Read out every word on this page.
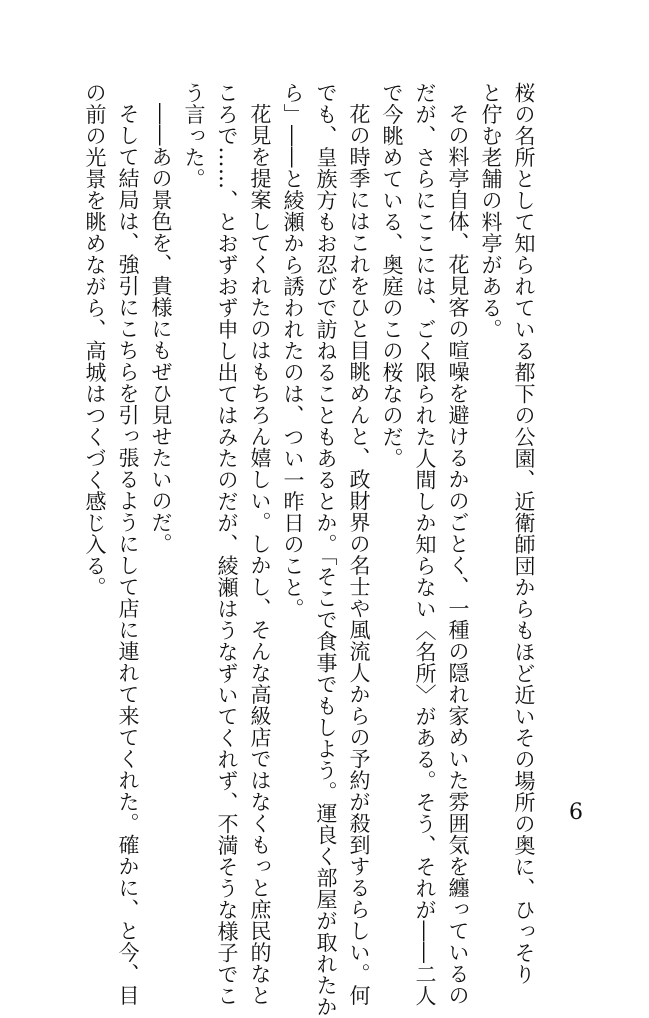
桜の名所として知られている都下の公園、近衛師団からもほど近いその場所の奥に、ひっそり
と佇む老舗の料亭がある。
その料亭自体、花見客の喧噪を避けるかのごとく、一種の隠れ家めいた雰囲気を纏っているの
だが、さらにここには、ごく限られた人間しか知らない〈名所〉がある。そう、それが――二人
で今眺めている、奥庭のこの桜なのだ。
花の時季にはこれをひと目眺めんと、政財界の名士や風流人からの予約が殺到するらしい。何
でも、皇族方もお忍びで訪ねることもあるとか。「そこで食事でもしよう。運良く部屋が取れたか
ら」――と綾瀬から誘われたのは、つい一昨日のこと。
花見を提案してくれたのはもちろん嬉しい。しかし、そんな高級店ではなくもっと庶民的なと
ころで……、とおずおず申し出てはみたのだが、綾瀬はうなずいてくれず、不満そうな様子でこ
う言った。
――あの景色を、貴様にもぜひ見せたいのだ。
そして結局は、強引にこちらを引っ張るようにして店に連れて来てくれた。確かに、と今、目
の前の光景を眺めながら、高城はつくづく感じ入る。
6
